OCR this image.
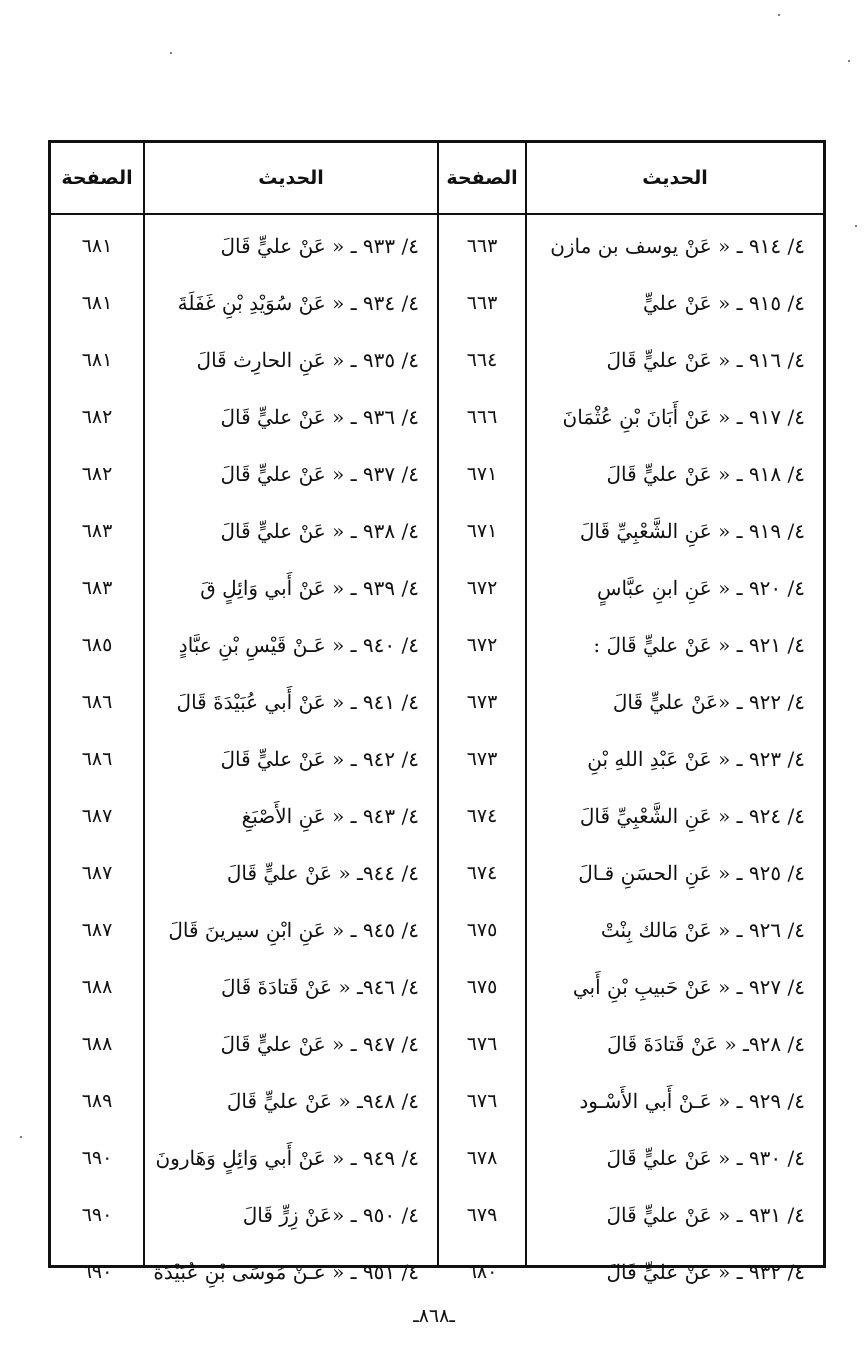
الحديث
الصفحة
الحديث
الصفحة
٤/ ٩١٤ ـ « عَنْ يوسف بن مازن
٦٦٣
٤/ ٩٣٣ ـ « عَنْ عليٍّ قَالَ
٦٨١
٤/ ٩١٥ ـ « عَنْ عليٍّ
٦٦٣
٤/ ٩٣٤ ـ « عَنْ سُوَيْدِ بْنِ غَفَلَةَ
٦٨١
٤/ ٩١٦ ـ « عَنْ عليٍّ قَالَ
٦٦٤
٤/ ٩٣٥ ـ « عَنِ الحارِث قَالَ
٦٨١
٤/ ٩١٧ ـ « عَنْ أَبَانَ بْنِ عُثْمَانَ
٦٦٦
٤/ ٩٣٦ ـ « عَنْ عليٍّ قَالَ
٦٨٢
٤/ ٩١٨ ـ « عَنْ عليٍّ قَالَ
٦٧١
٤/ ٩٣٧ ـ « عَنْ عليٍّ قَالَ
٦٨٢
٤/ ٩١٩ ـ « عَنِ الشَّعْبِيِّ قَالَ
٦٧١
٤/ ٩٣٨ ـ « عَنْ عليٍّ قَالَ
٦٨٣
٤/ ٩٢٠ ـ « عَنِ ابنِ عبَّاسٍ
٦٧٢
٤/ ٩٣٩ ـ « عَنْ أَبي وَائِلٍ قَ
٦٨٣
٤/ ٩٢١ ـ « عَنْ عليٍّ قَالَ :
٦٧٢
٤/ ٩٤٠ ـ « عَـنْ قَيْسِ بْنِ عبَّادٍ
٦٨٥
٤/ ٩٢٢ ـ «عَنْ عليٍّ قَالَ
٦٧٣
٤/ ٩٤١ ـ « عَنْ أَبي عُبَيْدَةَ قَالَ
٦٨٦
٤/ ٩٢٣ ـ « عَنْ عَبْدِ اللهِ بْنِ
٦٧٣
٤/ ٩٤٢ ـ « عَنْ عليٍّ قَالَ
٦٨٦
٤/ ٩٢٤ ـ « عَنِ الشَّعْبِيِّ قَالَ
٦٧٤
٤/ ٩٤٣ ـ « عَنِ الأَصْبَغِ
٦٨٧
٤/ ٩٢٥ ـ « عَنِ الحسَنِ قـالَ
٦٧٤
٤/ ٩٤٤ـ « عَنْ عليٍّ قَالَ
٦٨٧
٤/ ٩٢٦ ـ « عَنْ مَالك بِنْتْ
٦٧٥
٤/ ٩٤٥ ـ « عَنِ ابْنِ سيرينَ قَالَ
٦٨٧
٤/ ٩٢٧ ـ « عَنْ حَبيبِ بْنِ أَبي
٦٧٥
٤/ ٩٤٦ـ « عَنْ قَتادَةَ قَالَ
٦٨٨
٤/ ٩٢٨ـ « عَنْ قَتادَةَ قَالَ
٦٧٦
٤/ ٩٤٧ ـ « عَنْ عليٍّ قَالَ
٦٨٨
٤/ ٩٢٩ ـ « عَـنْ أَبي الأَسْـود
٦٧٦
٤/ ٩٤٨ـ « عَنْ عليٍّ قَالَ
٦٨٩
٤/ ٩٣٠ ـ « عَنْ عليٍّ قَالَ
٦٧٨
٤/ ٩٤٩ ـ « عَنْ أَبي وَائِلٍ وَهَارونَ
٦٩٠
٤/ ٩٣١ ـ « عَنْ عليٍّ قَالَ
٦٧٩
٤/ ٩٥٠ ـ «عَنْ زِرٍّ قَالَ
٦٩٠
٤/ ٩٣٢ ـ « عَنْ عليٍّ قَالَ
٦٨٠
٤/ ٩٥١ ـ « عَـنْ مُوسَى بْنِ عُبَيْدَةَ
٦٩٠
ـ٨٦٨ـ
